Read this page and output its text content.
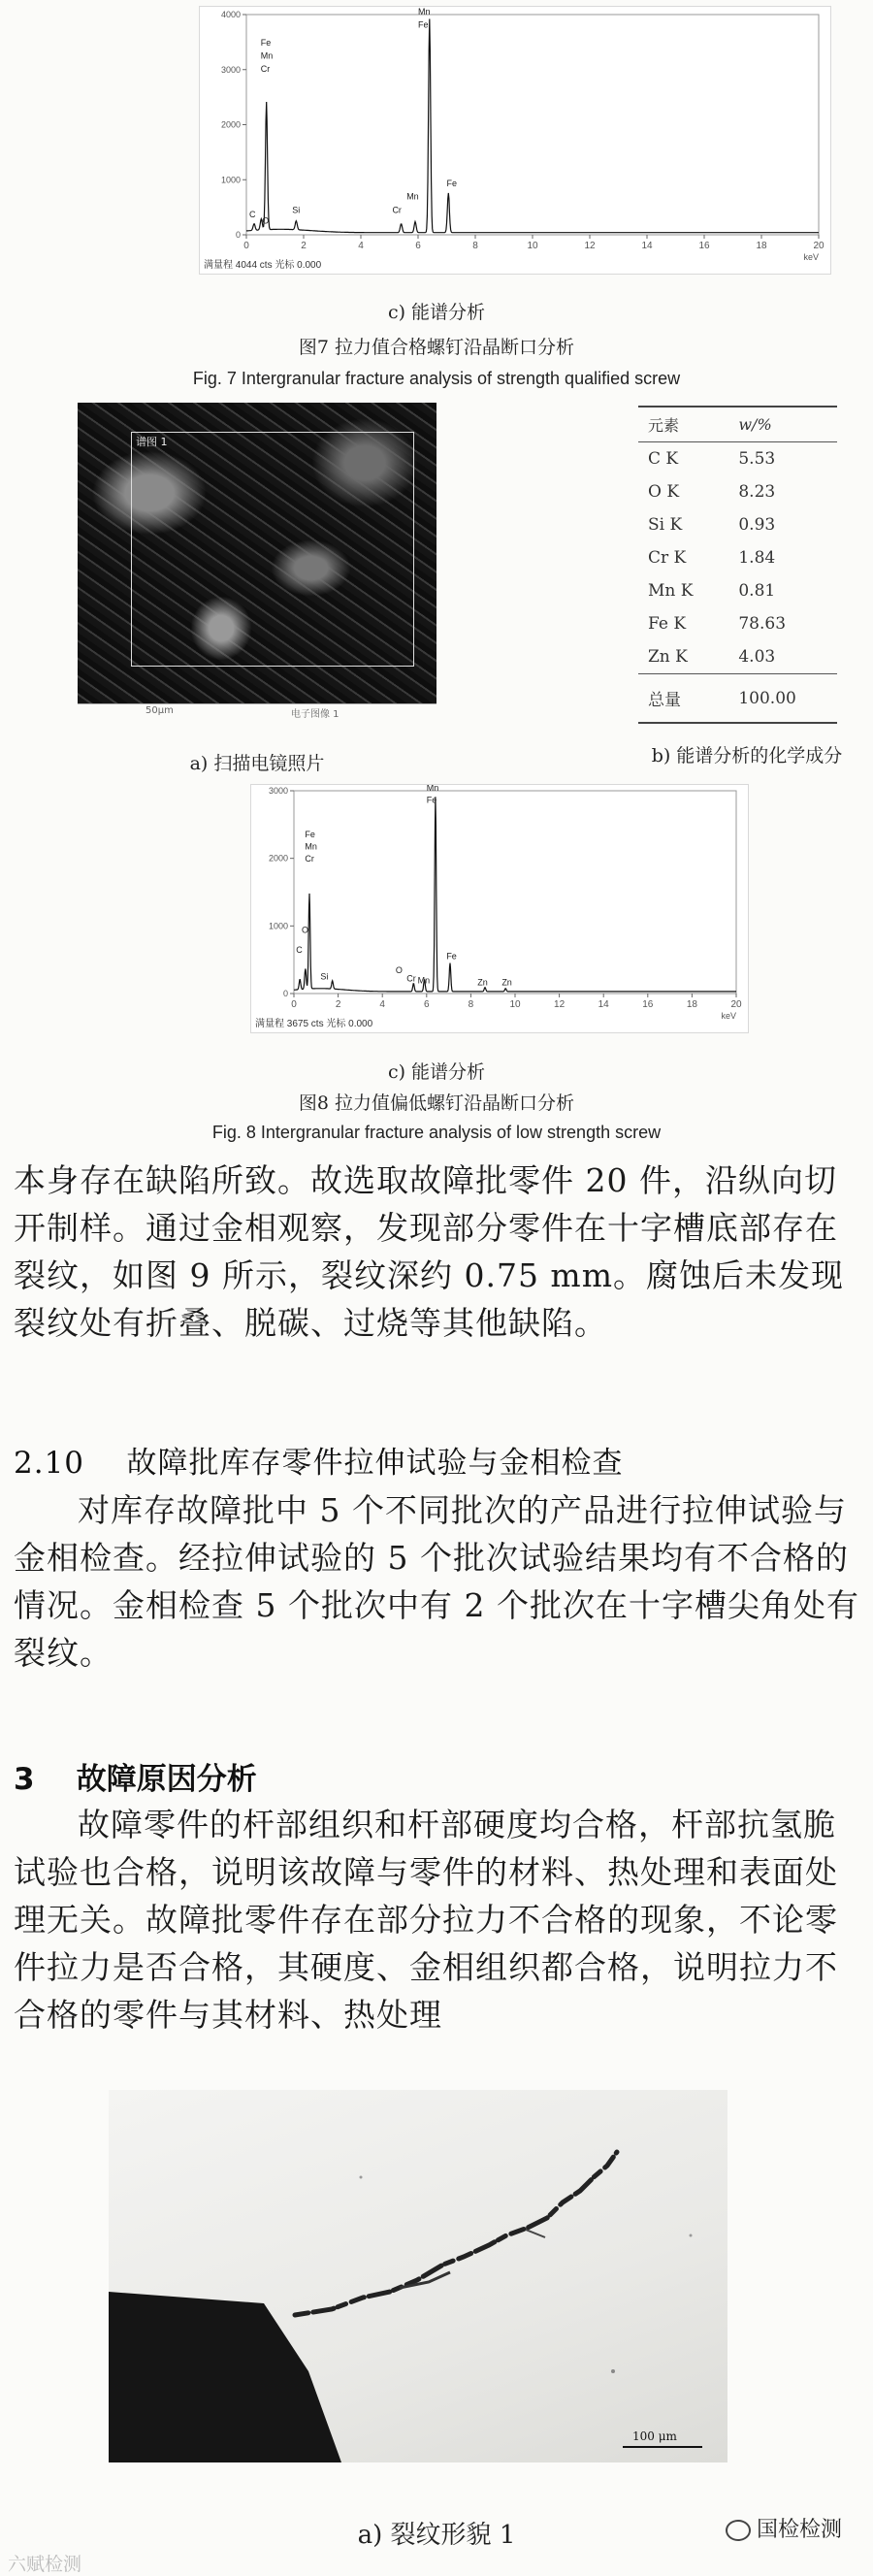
4000
3000
2000
1000
0
0	2	4	6	8	10	12	14	16	18	20
keV
满量程 4044 cts 光标 0.000
Fe
Mn
Cr
Mn
Fe
C
O
Si	Cr
Mn
Fe
c) 能谱分析
图7 拉力值合格螺钉沿晶断口分析
Fig. 7 Intergranular fracture analysis of strength qualified screw
谱图 1
50μm	电子图像 1
a) 扫描电镜照片
元素	w/%
C K	5.53
O K	8.23
Si K	0.93
Cr K	1.84
Mn K	0.81
Fe K	78.63
Zn K	4.03
总量	100.00
b) 能谱分析的化学成分
3000
2000
1000
0
0	2	4	6	8	10	12	14	16	18	20
keV
满量程 3675 cts 光标 0.000
Fe
Mn
Cr
Mn
Fe
C
O
Si
O
Cr Mn
Fe
Zn Zn
c) 能谱分析
图8 拉力值偏低螺钉沿晶断口分析
Fig. 8 Intergranular fracture analysis of low strength screw

本身存在缺陷所致。故选取故障批零件 20 件，沿纵向切开制样。通过金相观察，发现部分零件在十字槽底部存在裂纹，如图 9 所示，裂纹深约 0.75 mm。腐蚀后未发现裂纹处有折叠、脱碳、过烧等其他缺陷。

2.10    故障批库存零件拉伸试验与金相检查

对库存故障批中 5 个不同批次的产品进行拉伸试验与金相检查。经拉伸试验的 5 个批次试验结果均有不合格的情况。金相检查 5 个批次中有 2 个批次在十字槽尖角处有裂纹。

3    故障原因分析

故障零件的杆部组织和杆部硬度均合格，杆部抗氢脆试验也合格，说明该故障与零件的材料、热处理和表面处理无关。故障批零件存在部分拉力不合格的现象，不论零件拉力是否合格，其硬度、金相组织都合格，说明拉力不合格的零件与其材料、热处理

100 μm
a) 裂纹形貌 1
六赋检测
国检检测
